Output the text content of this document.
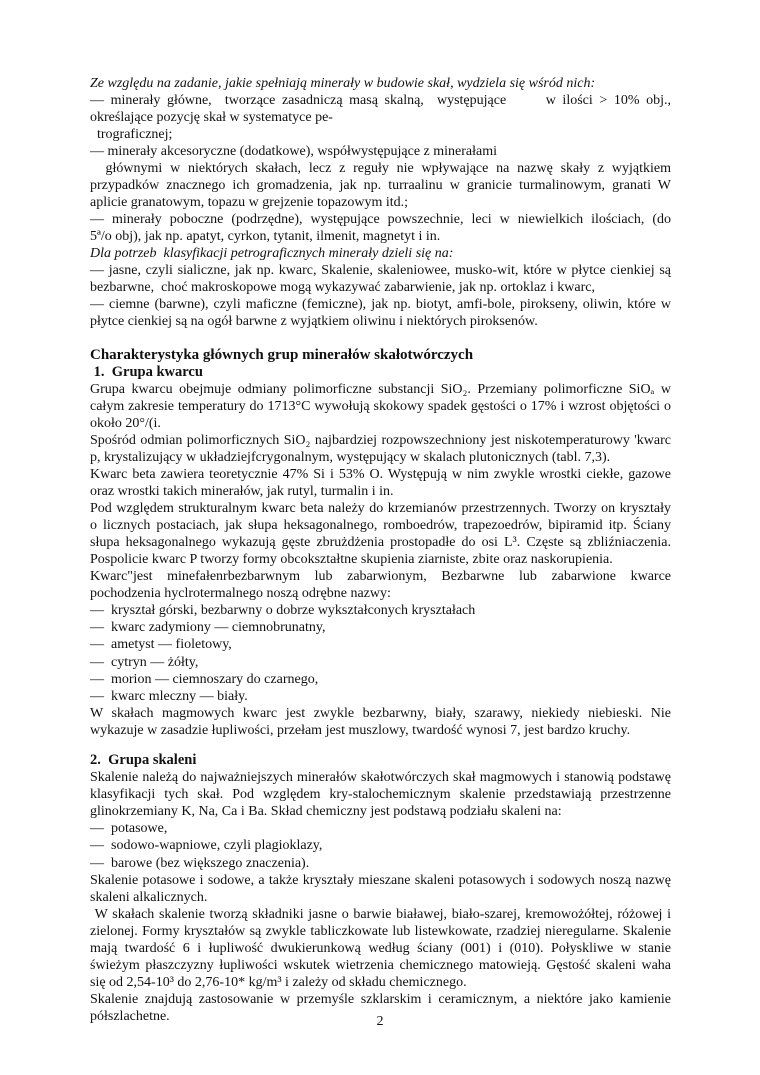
Ze względu na zadanie, jakie spełniają minerały w budowie skał, wydziela się wśród nich:
— minerały główne,  tworzące zasadniczą masą skalną,  występujące      w ilości > 10% obj.,
określające pozycję skał w systematyce pe-
trograficznej;
— minerały akcesoryczne (dodatkowe), współwystępujące z minerałami
głównymi w niektórych skałach, lecz z reguły nie wpływające na nazwę skały z wyjątkiem
przypadków znacznego ich gromadzenia, jak np. turraalinu w granicie turmalinowym, granati W
aplicie granatowym, topazu w grejzenie topazowym itd.;
— minerały poboczne (podrzędne), występujące powszechnie, leci w niewielkich ilościach, (do
5ª/o obj), jak np. apatyt, cyrkon, tytanit, ilmenit, magnetyt i in.
Dla potrzeb  klasyfikacji petrograficznych minerały dzieli się na:
— jasne, czyli sialiczne, jak np. kwarc, Skalenie, skaleniowee, musko-wit, które w płytce cienkiej są
bezbarwne,  choć makroskopowe mogą wykazywać zabarwienie, jak np. ortoklaz i kwarc,
— ciemne (barwne), czyli maficzne (femiczne), jak np. biotyt, amfi-bole, pirokseny, oliwin, które w
płytce cienkiej są na ogół barwne z wyjątkiem oliwinu i niektórych piroksenów.
Charakterystyka głównych grup minerałów skałotwórczych
1.  Grupa kwarcu
Grupa kwarcu obejmuje odmiany polimorficzne substancji SiO₂. Przemiany polimorficzne SiOₐ w
całym zakresie temperatury do 1713°C wywołują skokowy spadek gęstości o 17% i wzrost objętości o
około 20°/(i.
Spośród odmian polimorficznych SiO₂ najbardziej rozpowszechniony jest niskotemperaturowy 'kwarc
p, krystalizujący w układziejfcrygonalnym, występujący w skalach plutonicznych (tabl. 7,3).
Kwarc beta zawiera teoretycznie 47% Si i 53% O. Występują w nim zwykle wrostki ciekłe, gazowe
oraz wrostki takich minerałów, jak rutyl, turmalin i in.
Pod względem strukturalnym kwarc beta należy do krzemianów przestrzennych. Tworzy on kryształy
o licznych postaciach, jak słupa heksagonalnego, romboedrów, trapezoedrów, bipiramid itp. Ściany
słupa heksagonalnego wykazują gęste zbrużdżenia prostopadłe do osi L³. Częste są zbliźniaczenia.
Pospolicie kwarc P tworzy formy obcokształtne skupienia ziarniste, zbite oraz naskorupienia.
Kwarc"jest minefałenrbezbarwnym lub zabarwionym, Bezbarwne lub zabarwione kwarce
pochodzenia hyclrotermalnego noszą odrębne nazwy:
—  kryształ górski, bezbarwny o dobrze wykształconych kryształach
—  kwarc zadymiony — ciemnobrunatny,
—  ametyst — fioletowy,
—  cytryn — żółty,
—  morion — ciemnoszary do czarnego,
—  kwarc mleczny — biały.
W skałach magmowych kwarc jest zwykle bezbarwny, biały, szarawy, niekiedy niebieski. Nie
wykazuje w zasadzie łupliwości, przełam jest muszlowy, twardość wynosi 7, jest bardzo kruchy.
2.  Grupa skaleni
Skalenie należą do najważniejszych minerałów skałotwórczych skał magmowych i stanowią podstawę
klasyfikacji tych skał. Pod względem kry-stalochemicznym skalenie przedstawiają przestrzenne
glinokrzemiany K, Na, Ca i Ba. Skład chemiczny jest podstawą podziału skaleni na:
—  potasowe,
—  sodowo-wapniowe, czyli plagioklazy,
—  barowe (bez większego znaczenia).
Skalenie potasowe i sodowe, a także kryształy mieszane skaleni potasowych i sodowych noszą nazwę
skaleni alkalicznych.
W skałach skalenie tworzą składniki jasne o barwie białawej, biało-szarej, kremowożółtej, różowej i
zielonej. Formy kryształów są zwykle tabliczkowate lub listewkowate, rzadziej nieregularne. Skalenie
mają twardość 6 i łupliwość dwukierunkową według ściany (001) i (010). Połyskliwe w stanie
świeżym płaszczyzny łupliwości wskutek wietrzenia chemicznego matowieją. Gęstość skaleni waha
się od 2,54-10³ do 2,76-10* kg/m³ i zależy od składu chemicznego.
Skalenie znajdują zastosowanie w przemyśle szklarskim i ceramicznym, a niektóre jako kamienie
półszlachetne.	2
